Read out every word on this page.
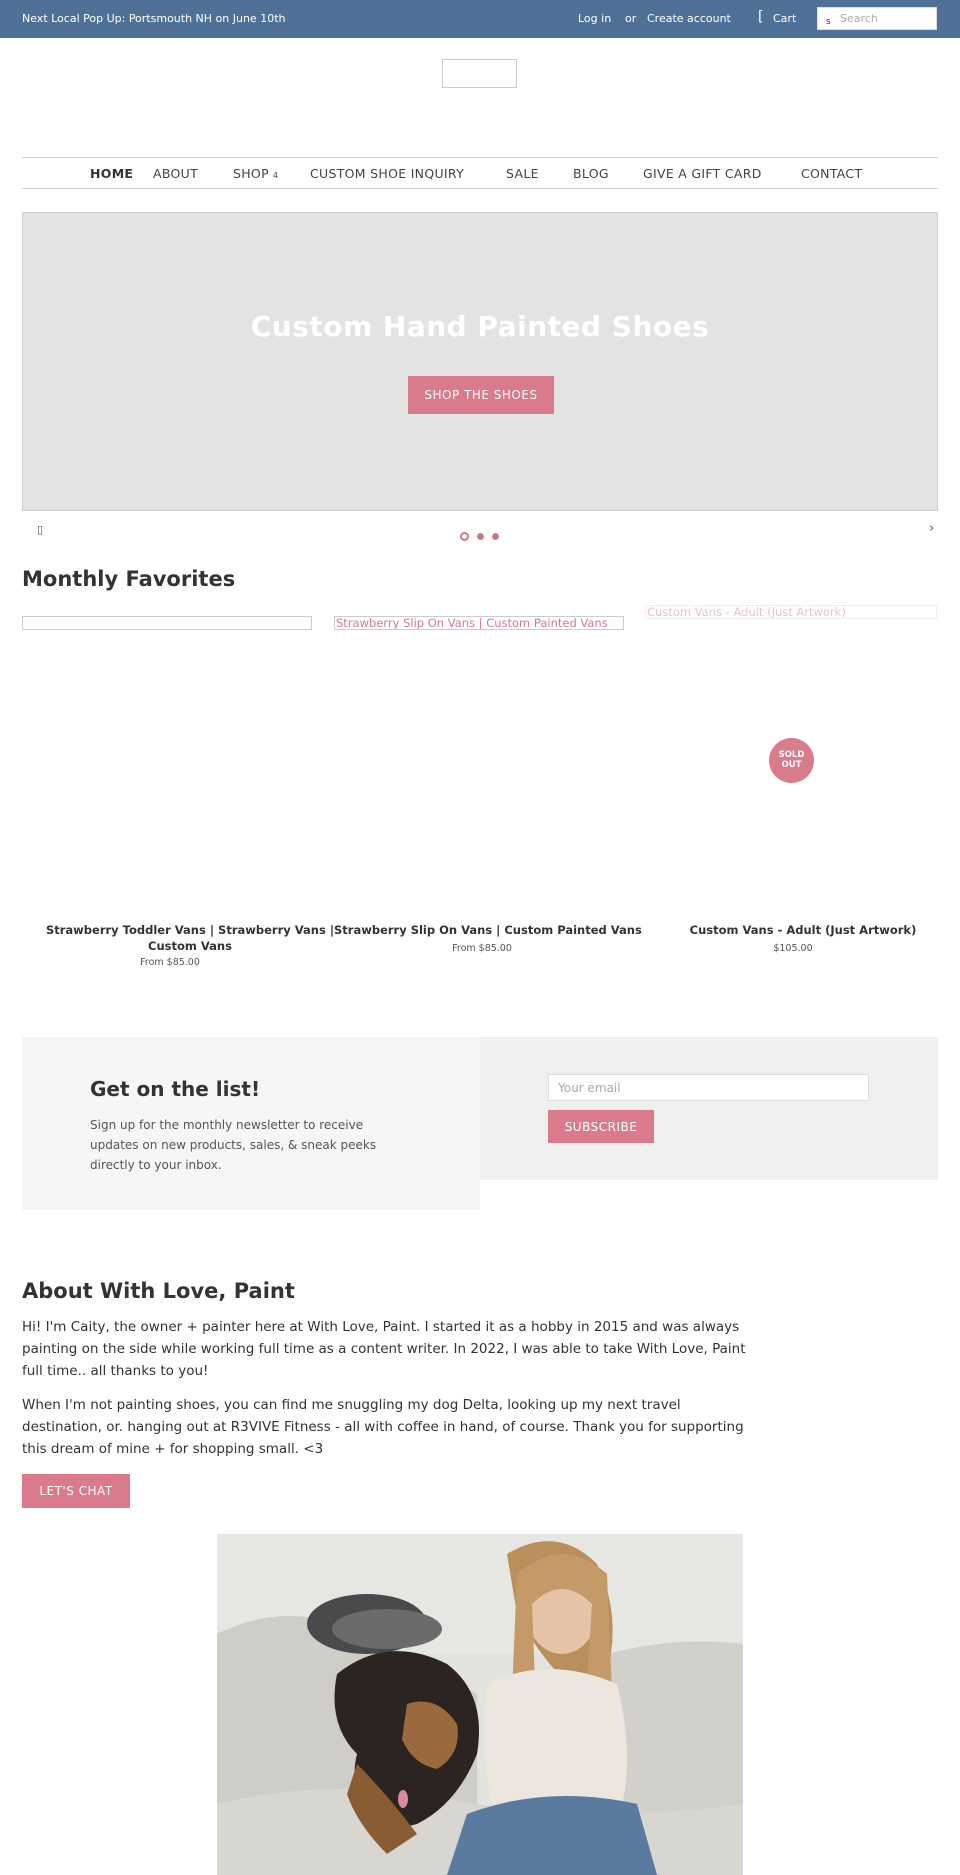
Next Local Pop Up: Portsmouth NH on June 10th	Log in or Create account [ Cart	s
Search
HOME ABOUT	SHOP 4	CUSTOM SHOE INQUIRY	SALE	BLOG	GIVE A GIFT CARD	CONTACT
Custom Hand Painted Shoes
SHOP THE SHOES
▯	›
Monthly Favorites
Strawberry Slip On Vans | Custom Painted Vans
Custom Vans - Adult (Just Artwork)
SOLD
OUT
Strawberry Toddler Vans | Strawberry Vans | Custom Vans
From $85.00
Strawberry Slip On Vans | Custom Painted Vans
From $85.00
Custom Vans - Adult (Just Artwork)
$105.00
Get on the list!

Sign up for the monthly newsletter to receive updates on new products, sales, & sneak peeks directly to your inbox.

Your email
SUBSCRIBE
About With Love, Paint

Hi! I'm Caity, the owner + painter here at With Love, Paint. I started it as a hobby in 2015 and was always painting on the side while working full time as a content writer. In 2022, I was able to take With Love, Paint full time.. all thanks to you!

When I'm not painting shoes, you can find me snuggling my dog Delta, looking up my next travel destination, or. hanging out at R3VIVE Fitness - all with coffee in hand, of course. Thank you for supporting this dream of mine + for shopping small. <3

LET'S CHAT
